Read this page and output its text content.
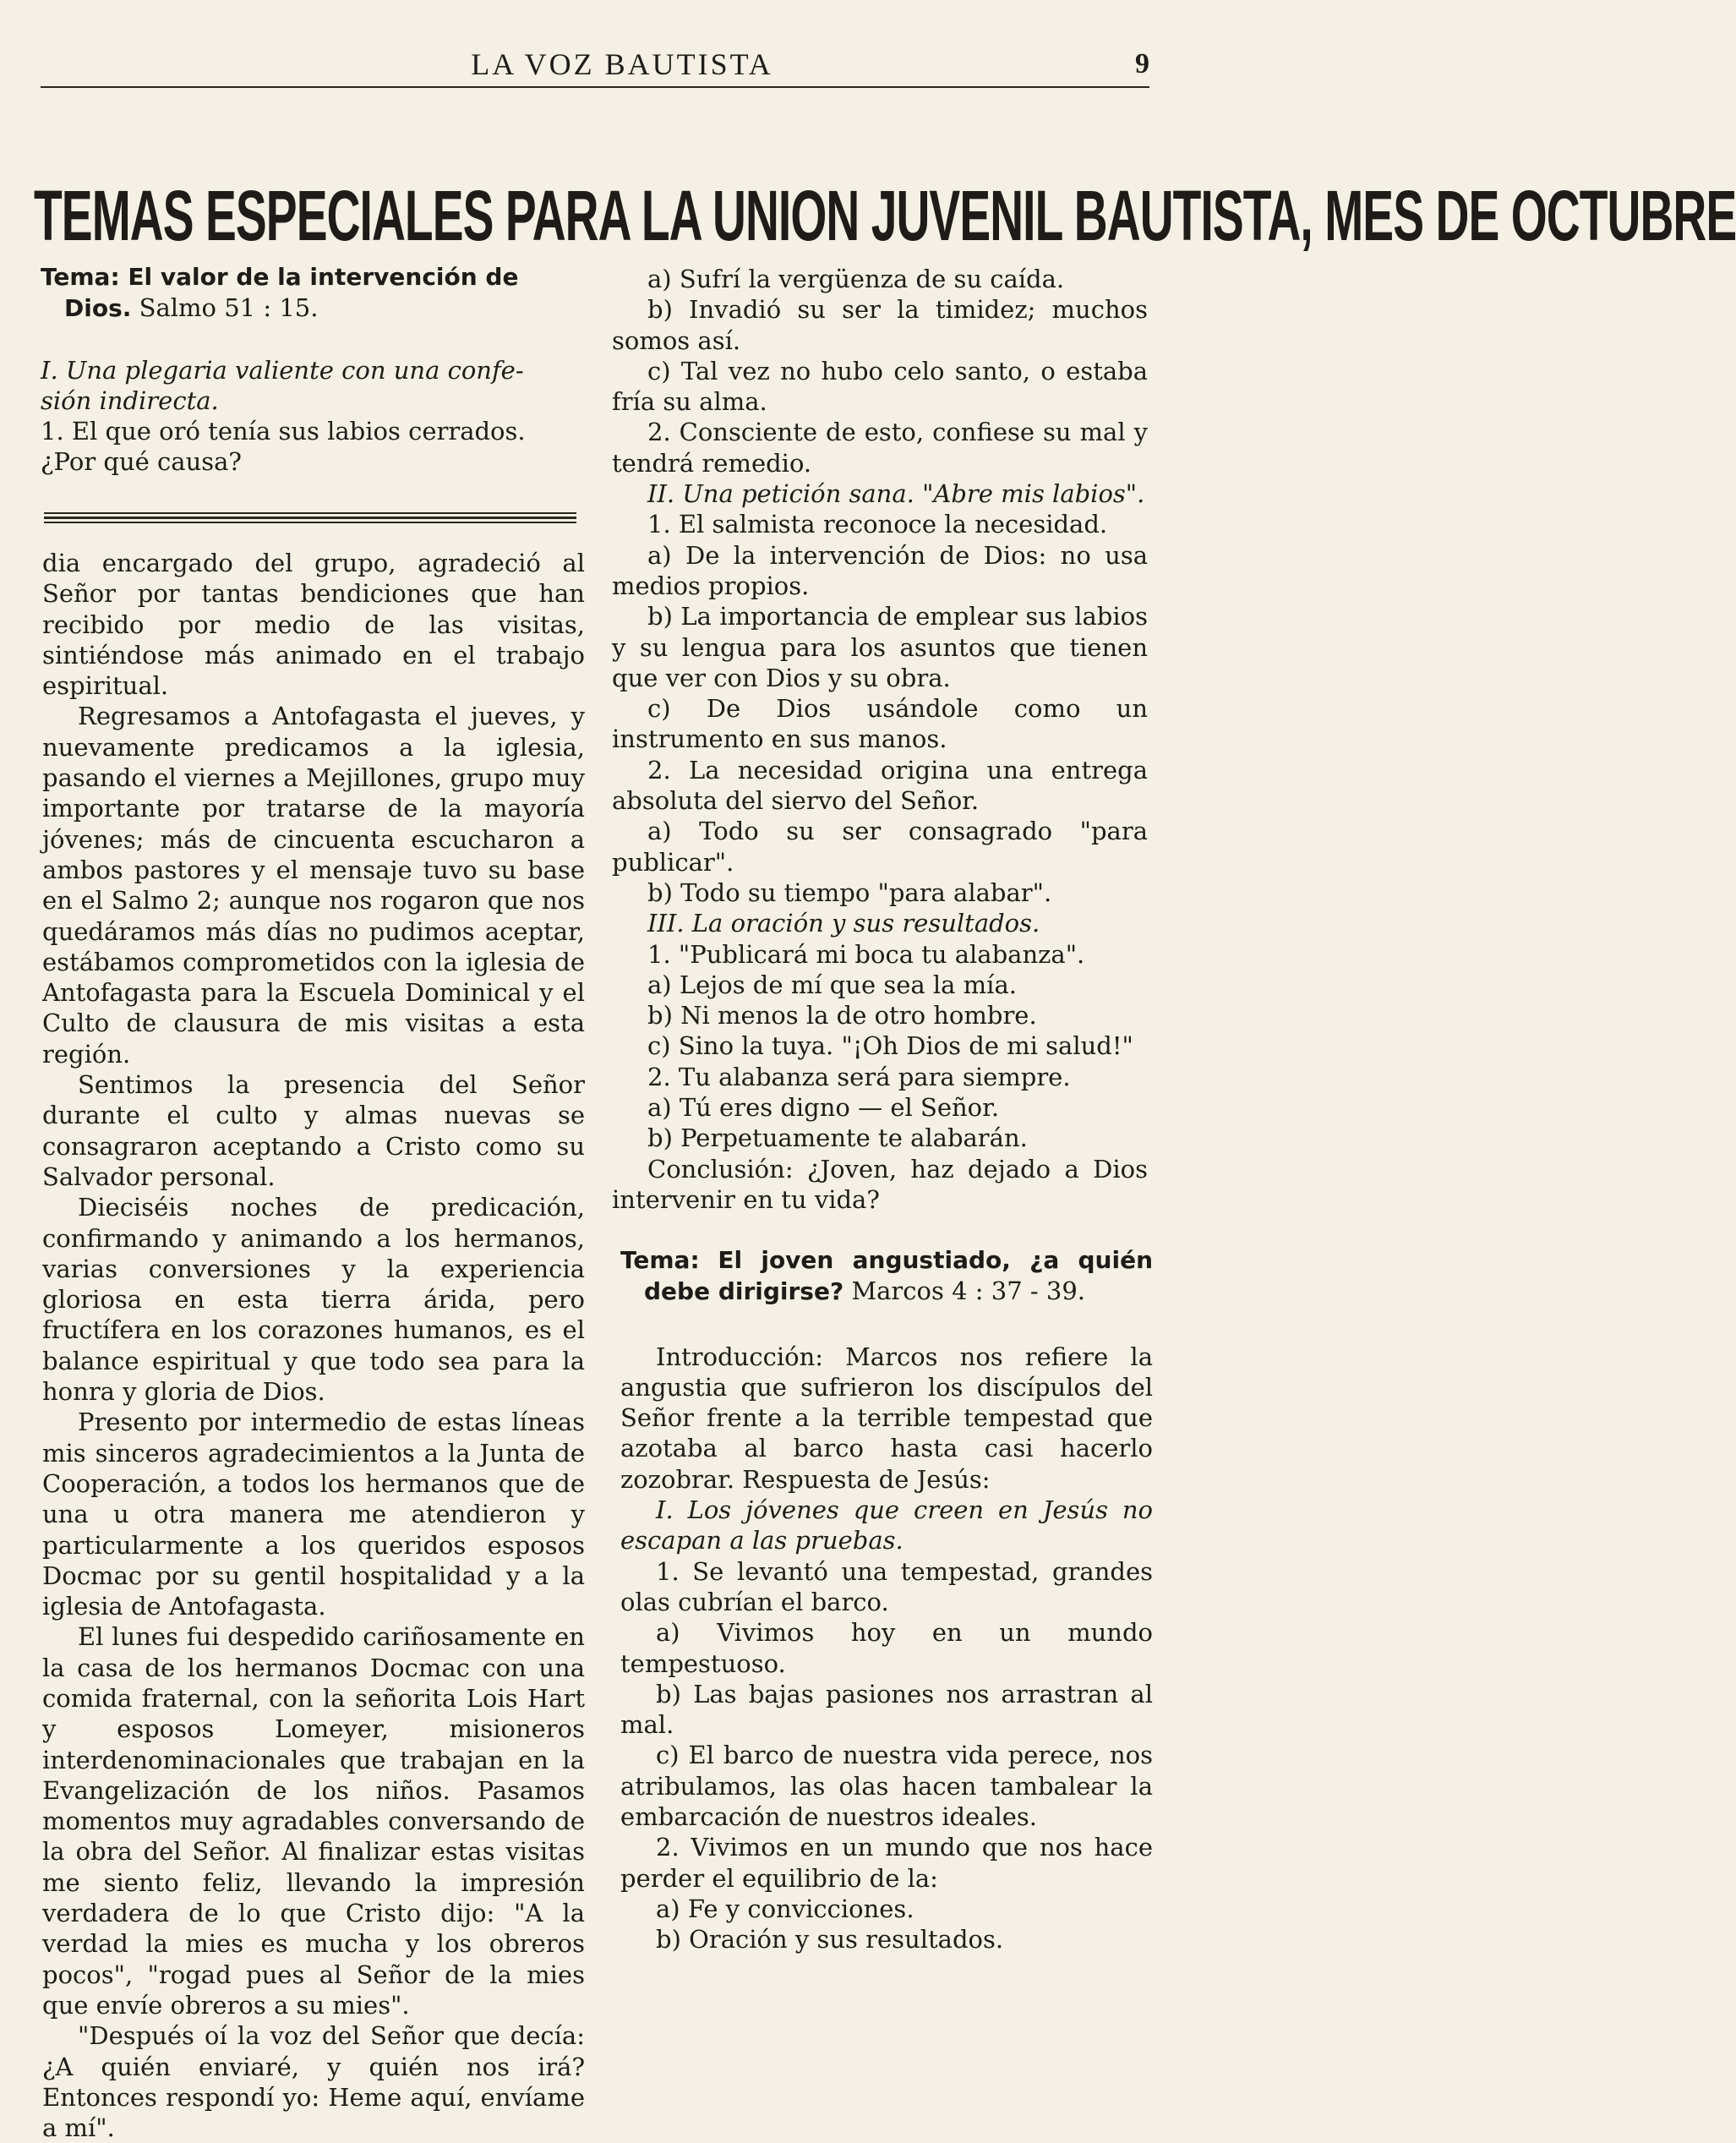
LA VOZ BAUTISTA	9
TEMAS ESPECIALES PARA LA UNION JUVENIL BAUTISTA, MES DE OCTUBRE

Tema: El valor de la intervención de

Dios. Salmo 51 : 15.

I. Una plegaria valiente con una confe-

sión indirecta.

1. El que oró tenía sus labios cerrados.

¿Por qué causa?

dia encargado del grupo, agradeció al Señor por tantas bendiciones que han recibido por medio de las visitas, sintiéndose más animado en el trabajo espiritual.

Regresamos a Antofagasta el jueves, y nuevamente predicamos a la iglesia, pasando el viernes a Mejillones, grupo muy importante por tratarse de la mayoría jóvenes; más de cincuenta escucharon a ambos pastores y el mensaje tuvo su base en el Salmo 2; aunque nos rogaron que nos quedáramos más días no pudimos aceptar, estábamos comprometidos con la iglesia de Antofagasta para la Escuela Dominical y el Culto de clausura de mis visitas a esta región.

Sentimos la presencia del Señor durante el culto y almas nuevas se consagraron aceptando a Cristo como su Salvador personal.

Dieciséis noches de predicación, confirmando y animando a los hermanos, varias conversiones y la experiencia gloriosa en esta tierra árida, pero fructífera en los corazones humanos, es el balance espiritual y que todo sea para la honra y gloria de Dios.

Presento por intermedio de estas líneas mis sinceros agradecimientos a la Junta de Cooperación, a todos los hermanos que de una u otra manera me atendieron y particularmente a los queridos esposos Docmac por su gentil hospitalidad y a la iglesia de Antofagasta.

El lunes fui despedido cariñosamente en la casa de los hermanos Docmac con una comida fraternal, con la señorita Lois Hart y esposos Lomeyer, misioneros interdenominacionales que trabajan en la Evangelización de los niños. Pasamos momentos muy agradables conversando de la obra del Señor. Al finalizar estas visitas me siento feliz, llevando la impresión verdadera de lo que Cristo dijo: "A la verdad la mies es mucha y los obreros pocos", "rogad pues al Señor de la mies que envíe obreros a su mies".

"Después oí la voz del Señor que decía: ¿A quién enviaré, y quién nos irá? Entonces respondí yo: Heme aquí, envíame a mí".

a) Sufrí la vergüenza de su caída.

b) Invadió su ser la timidez; muchos somos así.

c) Tal vez no hubo celo santo, o estaba fría su alma.

2. Consciente de esto, confiese su mal y tendrá remedio.

II. Una petición sana. "Abre mis labios".

1. El salmista reconoce la necesidad.

a) De la intervención de Dios: no usa medios propios.

b) La importancia de emplear sus labios y su lengua para los asuntos que tienen que ver con Dios y su obra.

c) De Dios usándole como un instrumento en sus manos.

2. La necesidad origina una entrega absoluta del siervo del Señor.

a) Todo su ser consagrado "para publicar".

b) Todo su tiempo "para alabar".

III. La oración y sus resultados.

1. "Publicará mi boca tu alabanza".

a) Lejos de mí que sea la mía.

b) Ni menos la de otro hombre.

c) Sino la tuya. "¡Oh Dios de mi salud!"

2. Tu alabanza será para siempre.

a) Tú eres digno — el Señor.

b) Perpetuamente te alabarán.

Conclusión: ¿Joven, haz dejado a Dios intervenir en tu vida?

Tema: El joven angustiado, ¿a quién debe dirigirse? Marcos 4 : 37 - 39.

Introducción: Marcos nos refiere la angustia que sufrieron los discípulos del Señor frente a la terrible tempestad que azotaba al barco hasta casi hacerlo zozobrar. Respuesta de Jesús:

I. Los jóvenes que creen en Jesús no escapan a las pruebas.

1. Se levantó una tempestad, grandes olas cubrían el barco.

a) Vivimos hoy en un mundo tempestuoso.

b) Las bajas pasiones nos arrastran al mal.

c) El barco de nuestra vida perece, nos atribulamos, las olas hacen tambalear la embarcación de nuestros ideales.

2. Vivimos en un mundo que nos hace perder el equilibrio de la:

a) Fe y convicciones.

b) Oración y sus resultados.
